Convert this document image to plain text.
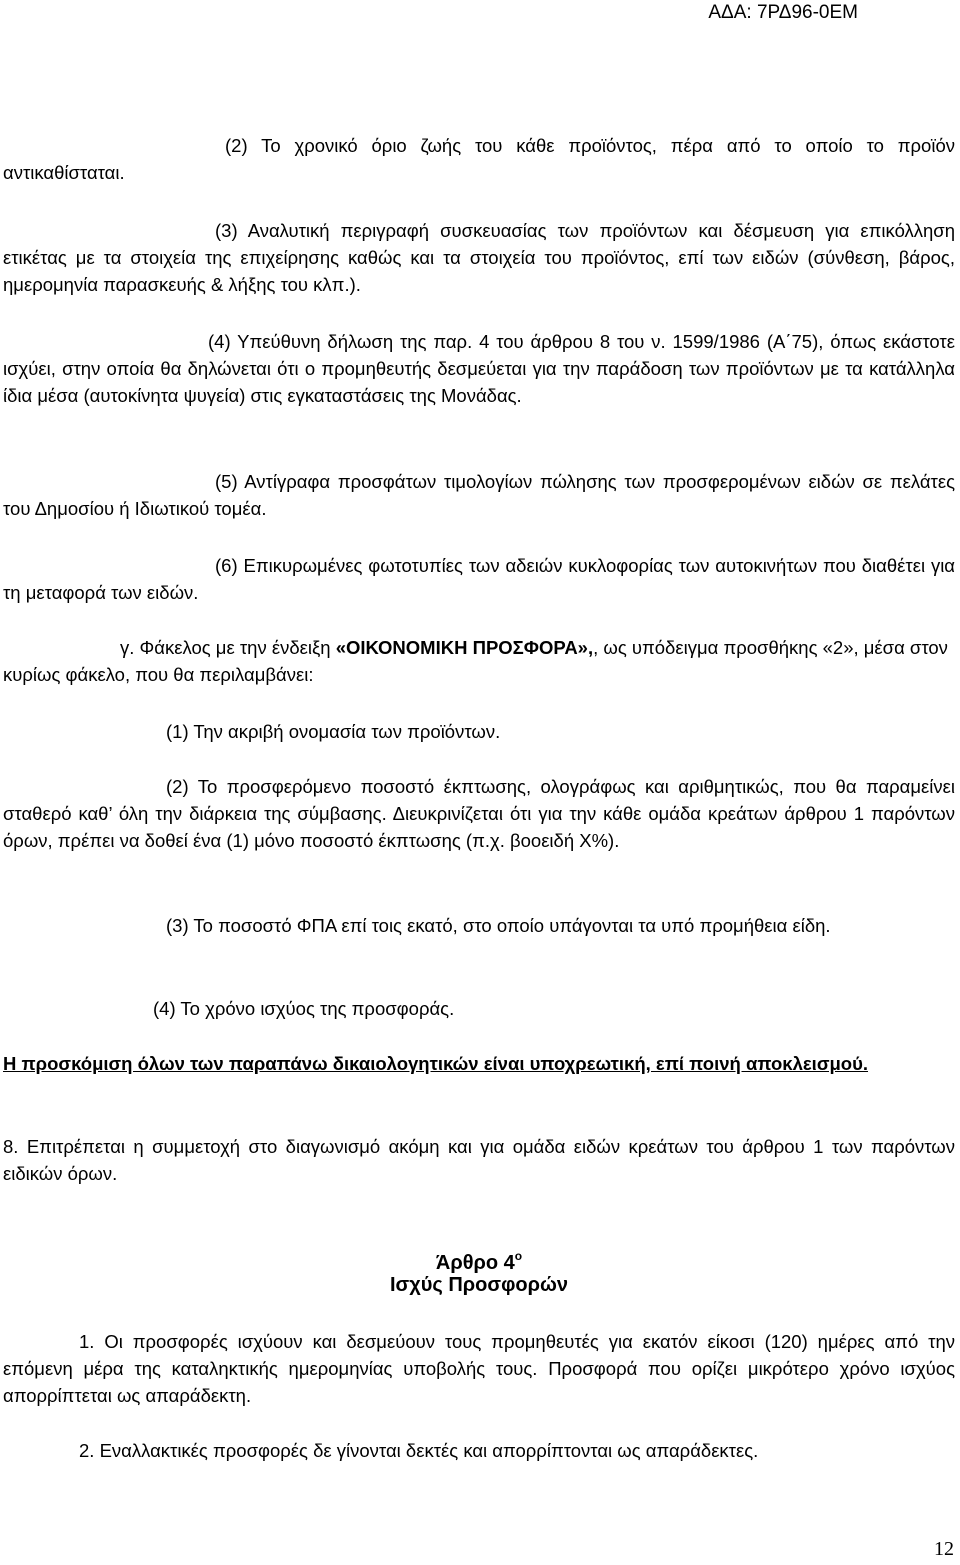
ΑΔΑ: 7ΡΔ96-0ΕΜ

(2) Το χρονικό όριο ζωής του κάθε προϊόντος, πέρα από το οποίο το προϊόν αντικαθίσταται.

(3) Αναλυτική περιγραφή συσκευασίας των προϊόντων και δέσμευση για επικόλληση ετικέτας με τα στοιχεία της επιχείρησης καθώς και τα στοιχεία του προϊόντος, επί των ειδών (σύνθεση, βάρος, ημερομηνία παρασκευής & λήξης του κλπ.).

(4) Υπεύθυνη δήλωση της παρ. 4 του άρθρου 8 του ν. 1599/1986 (Α΄75), όπως εκάστοτε ισχύει, στην οποία θα δηλώνεται ότι ο προμηθευτής δεσμεύεται για την παράδοση των προϊόντων με τα κατάλληλα ίδια μέσα (αυτοκίνητα ψυγεία) στις εγκαταστάσεις της Μονάδας.

(5) Αντίγραφα προσφάτων τιμολογίων πώλησης των προσφερομένων ειδών σε πελάτες του Δημοσίου ή Ιδιωτικού τομέα.

(6) Επικυρωμένες φωτοτυπίες των αδειών κυκλοφορίας των αυτοκινήτων που διαθέτει για τη μεταφορά των ειδών.

γ. Φάκελος με την ένδειξη «ΟΙΚΟΝΟΜΙΚΗ ΠΡΟΣΦΟΡΑ»,, ως υπόδειγμα προσθήκης «2», μέσα στον κυρίως φάκελο, που θα περιλαμβάνει:

(1) Την ακριβή ονομασία των προϊόντων.

(2) Το προσφερόμενο ποσοστό έκπτωσης, ολογράφως και αριθμητικώς, που θα παραμείνει σταθερό καθ’ όλη την διάρκεια της σύμβασης. Διευκρινίζεται ότι για την κάθε ομάδα κρεάτων άρθρου 1 παρόντων όρων, πρέπει να δοθεί ένα (1) μόνο ποσοστό έκπτωσης (π.χ. βοοειδή Χ%).

(3) Το ποσοστό ΦΠΑ επί τοις εκατό, στο οποίο υπάγονται τα υπό προμήθεια είδη.

(4) Το χρόνο ισχύος της προσφοράς.

Η προσκόμιση όλων των παραπάνω δικαιολογητικών είναι υποχρεωτική, επί ποινή αποκλεισμού.

8. Επιτρέπεται η συμμετοχή στο διαγωνισμό ακόμη και για ομάδα ειδών κρεάτων του άρθρου 1 των παρόντων ειδικών όρων.

Άρθρο $4^o$
Ισχύς Προσφορών

1. Οι προσφορές ισχύουν και δεσμεύουν τους προμηθευτές για εκατόν είκοσι (120) ημέρες από την επόμενη μέρα της καταληκτικής ημερομηνίας υποβολής τους. Προσφορά που ορίζει μικρότερο χρόνο ισχύος απορρίπτεται ως απαράδεκτη.

2. Εναλλακτικές προσφορές δε γίνονται δεκτές και απορρίπτονται ως απαράδεκτες.

12
